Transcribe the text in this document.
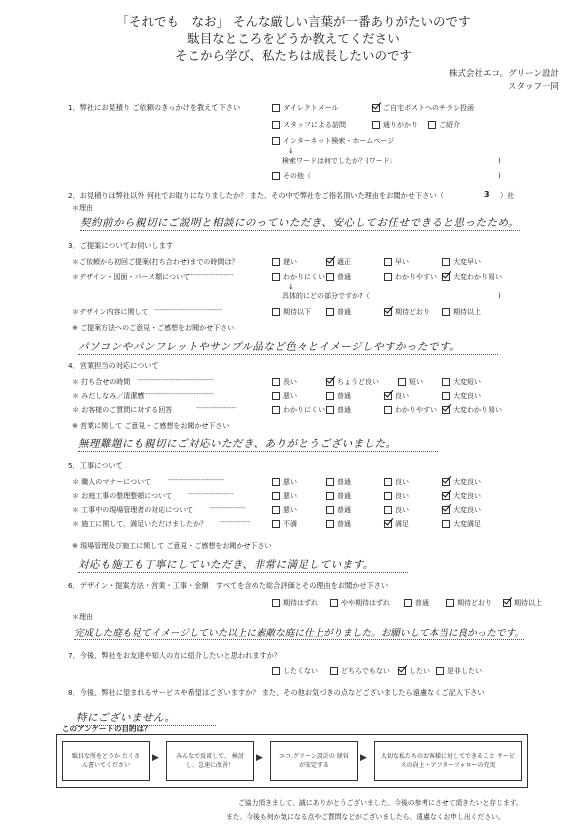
「それでも　なお」 そんな厳しい言葉が一番ありがたいのです
駄目なところをどうか教えてください
そこから学び、私たちは成長したいのです
株式会社エコ。グリーン設計
スタッフ一同
1．弊社にお見積り ご依頼のきっかけを教えて下さい	ダイレクトメール	ご自宅ポストへのチラシ投函
スタッフによる訪問	通りがかり	ご紹介
インターネット検索・ホームページ
↓
検索ワードは何でしたか？(ワード:	)
その他（	)
2．お見積りは弊社以外 何社でお取りになりましたか？ また、その中で弊社をご指名頂いた理由をお聞かせ下さい（	3 ）社
＊理由
契約前から親切にご説明と相談にのっていただき、安心してお任せできると思ったため。
3．ご提案についてお伺いします
＊ご依頼から初回ご提案(打ち合わせ)までの時間は？	遅い	適正	早い	大変早い
＊デザイン・図面・パース類について
‐‐‐‐‐‐‐‐‐‐‐‐‐‐‐‐‐‐	わかりにくい 普通	わかりやすい 大変わかり易い
↓
具体的にどの部分ですか?（	)
＊デザイン内容に関して ‐‐‐‐‐‐‐‐‐‐‐‐‐‐‐‐‐‐‐‐‐‐‐‐‐‐‐	期待以下	普通	期待どおり	期待以上
※ ご提案方法へのご意見・ご感想をお聞かせ下さい
パソコンやパンフレットやサンプル品など色々とイメージしやすかったです。
4．営業担当の対応について
＊ 打ち合せの時間 ‐‐‐‐‐‐‐‐‐‐‐‐‐‐‐‐‐‐‐‐‐‐‐‐‐‐‐‐‐‐	長い	ちょうど良い	短い	大変短い
＊ みだしなみ／清潔感
‐‐‐‐‐‐‐‐‐‐‐‐‐‐‐‐‐‐‐‐‐‐‐‐‐‐‐‐‐‐	悪い	普通	良い	大変良い
＊ お客様のご質問に対する回答	‐‐‐‐‐‐‐‐‐‐‐‐‐‐‐‐	わかりにくい 普通	わかりやすい 大変わかり易い
※ 営業に関して ご意見・ご感想をお聞かせ下さい
無理難題にも親切にご対応いただき、ありがとうございました。
5．工事について
＊ 職人のマナーについて ‐‐‐‐‐‐‐‐‐‐‐‐‐‐‐‐‐‐‐‐‐‐	悪い	普通	良い	大変良い
＊ お庭工事の整理整頓について ‐‐‐‐‐‐‐‐‐‐‐‐‐‐‐‐‐‐	悪い	普通	良い	大変良い
＊ 工事中の現場管理者の対応について ‐‐‐‐‐‐‐‐‐‐‐‐‐‐	悪い	普通	良い	大変良い
＊ 施工に関して、満足いただけましたか？ ‐‐‐‐‐‐‐‐‐‐‐‐	不満	普通	満足	大変満足
※ 現場管理及び施工に関して ご意見・ご感想をお聞かせ下さい
対応も施工も丁寧にしていただき、非常に満足しています。
6．デザイン・提案方法・営業・工事・金額　すべてを含めた総合評価とその理由をお聞かせ下さい
期待はずれ	やや期待はずれ	普通	期待どおり	期待以上
＊理由
完成した庭も見てイメージしていた以上に素敵な庭に仕上がりました。お願いして本当に良かったです。
7．今後、弊社をお友達や知人の方に紹介したいと思われますか？
したくない	どちらでもない	したい 是非したい
8．今後、弊社に望まれるサービスや希望はございますか？ また、その他お気づきの点などございましたら遠慮なくご記入下さい
特にございません。
このアンケートの目的は？
駄目な所をどうか たくさん書いてください
▶	みんなで反省して、 検討し、急速に改善！
▶	エコ.グリーン設計の 経営が安定する
▶ 大切な私たちのお客様に対してできること サービスの向上・アフターフォローの充実
ご協力頂きまして、誠にありがとうございました。今後の参考にさせて頂きたいと存じます。
また、今後も何か気になる点やご質問などがございましたら、遠慮なくお申し出ください。
